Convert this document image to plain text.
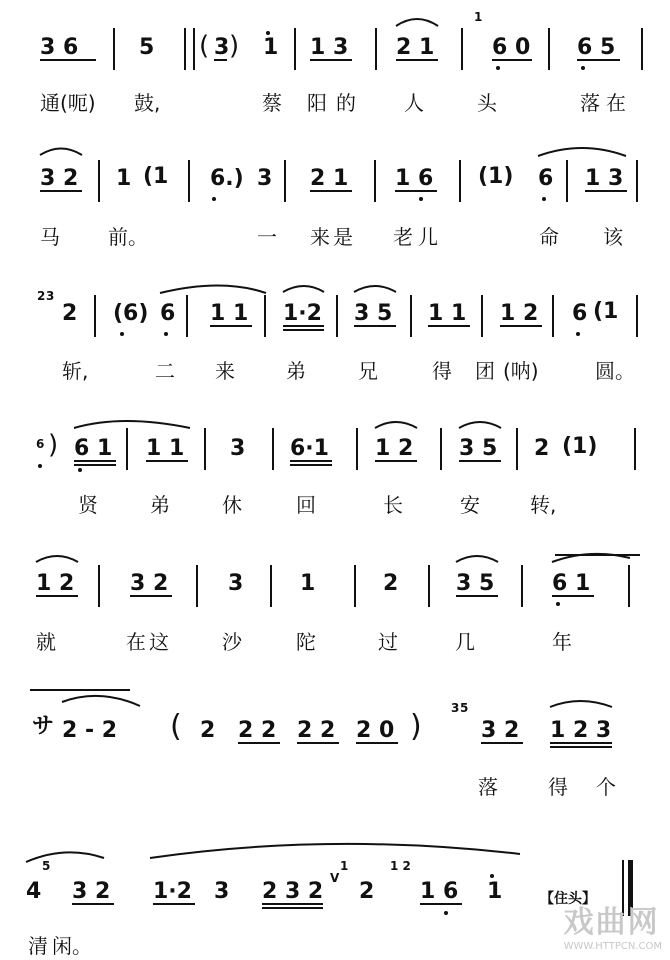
3 6	5 ( 3 ) 1 1 3 2 1
1
6 0 6 5
3 2 1 (1 6.) 3 2 1 1 6 (1) 6 1 3
2 3
2 (6) 6 1 1 1·2 3 5 1 1 1 2 6 (1
6 ) 6 1 1 1 3 6·1 1 2 3 5 2 (1)
1 2	3 2	3	1	2	3 5	6 1
サ 2 - 2 ( 2 2 2 2 2 2 0 )
3 5
3 2 1 2 3
4
5
3 2 1·2 3 2 3 2
V
1
2
1 2
1 6 1	【住头】
通(呃) 鼓,	蔡 阳 的 人	头	落 在
马 前。	一 来 是 老 儿	命 该
斩,	二 来	弟	兄	得 团 (呐)	圆。
贤	弟	休	回	长	安	转,
就	在 这	沙	陀	过	几	年
落	得 个
清 闲。
戏曲网
WWW.HTTPCN.COM
